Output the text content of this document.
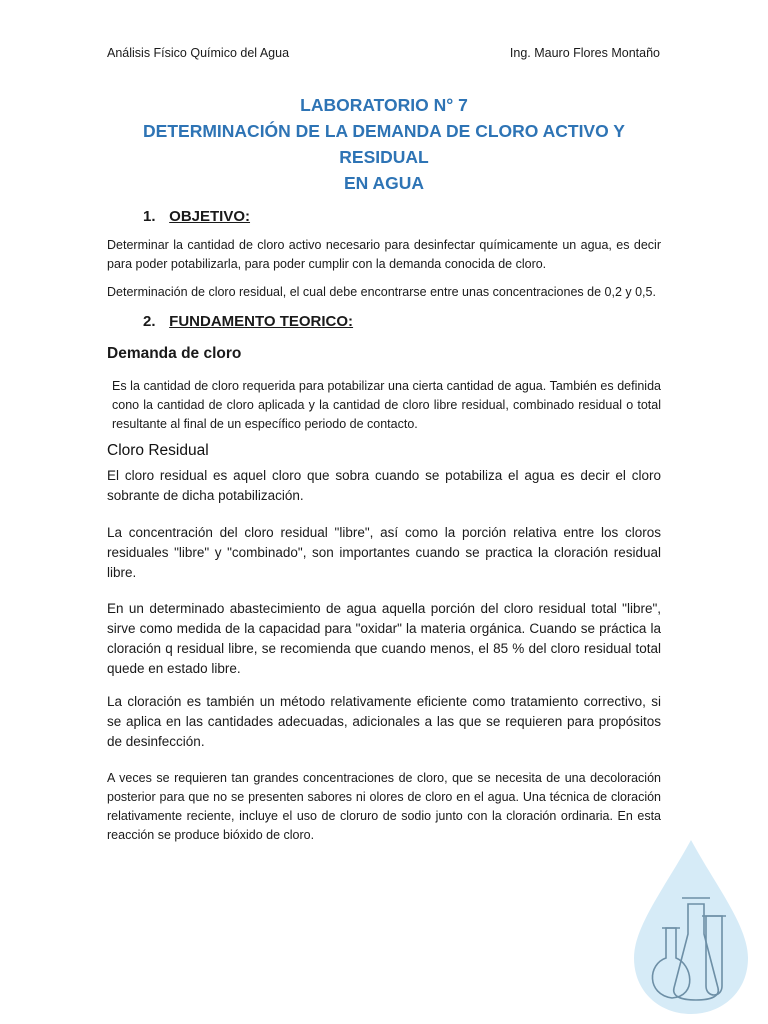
Análisis Físico Químico del Agua	Ing. Mauro Flores Montaño
LABORATORIO N° 7
DETERMINACIÓN DE LA DEMANDA DE CLORO ACTIVO Y RESIDUAL
EN AGUA
1. OBJETIVO:
Determinar la cantidad de cloro activo necesario para desinfectar químicamente un agua, es decir para poder potabilizarla, para poder cumplir con la demanda conocida de cloro.
Determinación de cloro residual, el cual debe encontrarse entre unas concentraciones de 0,2 y 0,5.
2. FUNDAMENTO TEORICO:
Demanda de cloro
Es la cantidad de cloro requerida para potabilizar una cierta cantidad de agua. También es definida cono la cantidad de cloro aplicada y la cantidad de cloro libre residual, combinado residual o total resultante al final de un específico periodo de contacto.
Cloro Residual
El cloro residual es aquel cloro que sobra cuando se potabiliza el agua es decir el cloro sobrante de dicha potabilización.
La concentración del cloro residual "libre", así como la porción relativa entre los cloros residuales "libre" y "combinado", son importantes cuando se practica la cloración residual libre.
En un determinado abastecimiento de agua aquella porción del cloro residual total "libre", sirve como medida de la capacidad para "oxidar" la materia orgánica. Cuando se práctica la cloración q residual libre, se recomienda que cuando menos, el 85 % del cloro residual total quede en estado libre.
La cloración es también un método relativamente eficiente como tratamiento correctivo, si se aplica en las cantidades adecuadas, adicionales a las que se requieren para propósitos de desinfección.
A veces se requieren tan grandes concentraciones de cloro, que se necesita de una decoloración posterior para que no se presenten sabores ni olores de cloro en el agua. Una técnica de cloración relativamente reciente, incluye el uso de cloruro de sodio junto con la cloración ordinaria. En esta reacción se produce bióxido de cloro.
